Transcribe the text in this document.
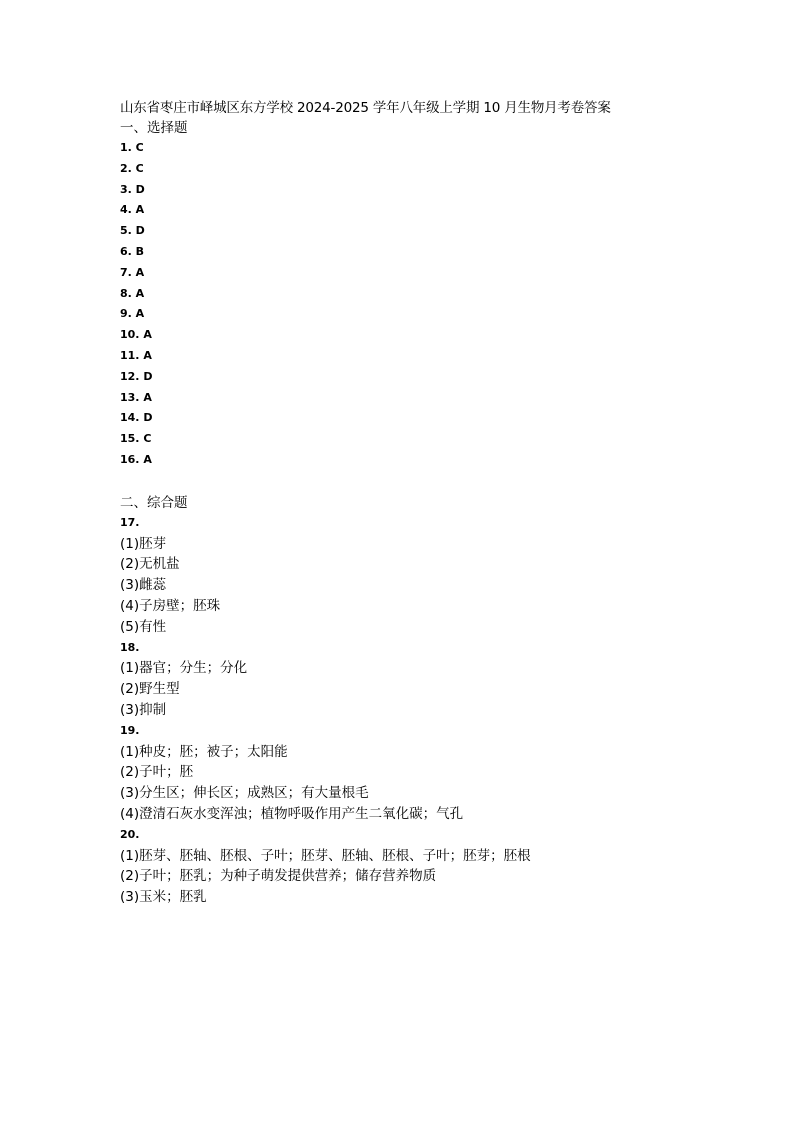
山东省枣庄市峄城区东方学校 2024-2025 学年八年级上学期 10 月生物月考卷答案
一、选择题
1. C
2. C
3. D
4. A
5. D
6. B
7. A
8. A
9. A
10. A
11. A
12. D
13. A
14. D
15. C
16. A
二、综合题
17.
(1)胚芽
(2)无机盐
(3)雌蕊
(4)子房壁；胚珠
(5)有性
18.
(1)器官；分生；分化
(2)野生型
(3)抑制
19.
(1)种皮；胚；被子；太阳能
(2)子叶；胚
(3)分生区；伸长区；成熟区；有大量根毛
(4)澄清石灰水变浑浊；植物呼吸作用产生二氧化碳；气孔
20.
(1)胚芽、胚轴、胚根、子叶；胚芽、胚轴、胚根、子叶；胚芽；胚根
(2)子叶；胚乳；为种子萌发提供营养；储存营养物质
(3)玉米；胚乳
